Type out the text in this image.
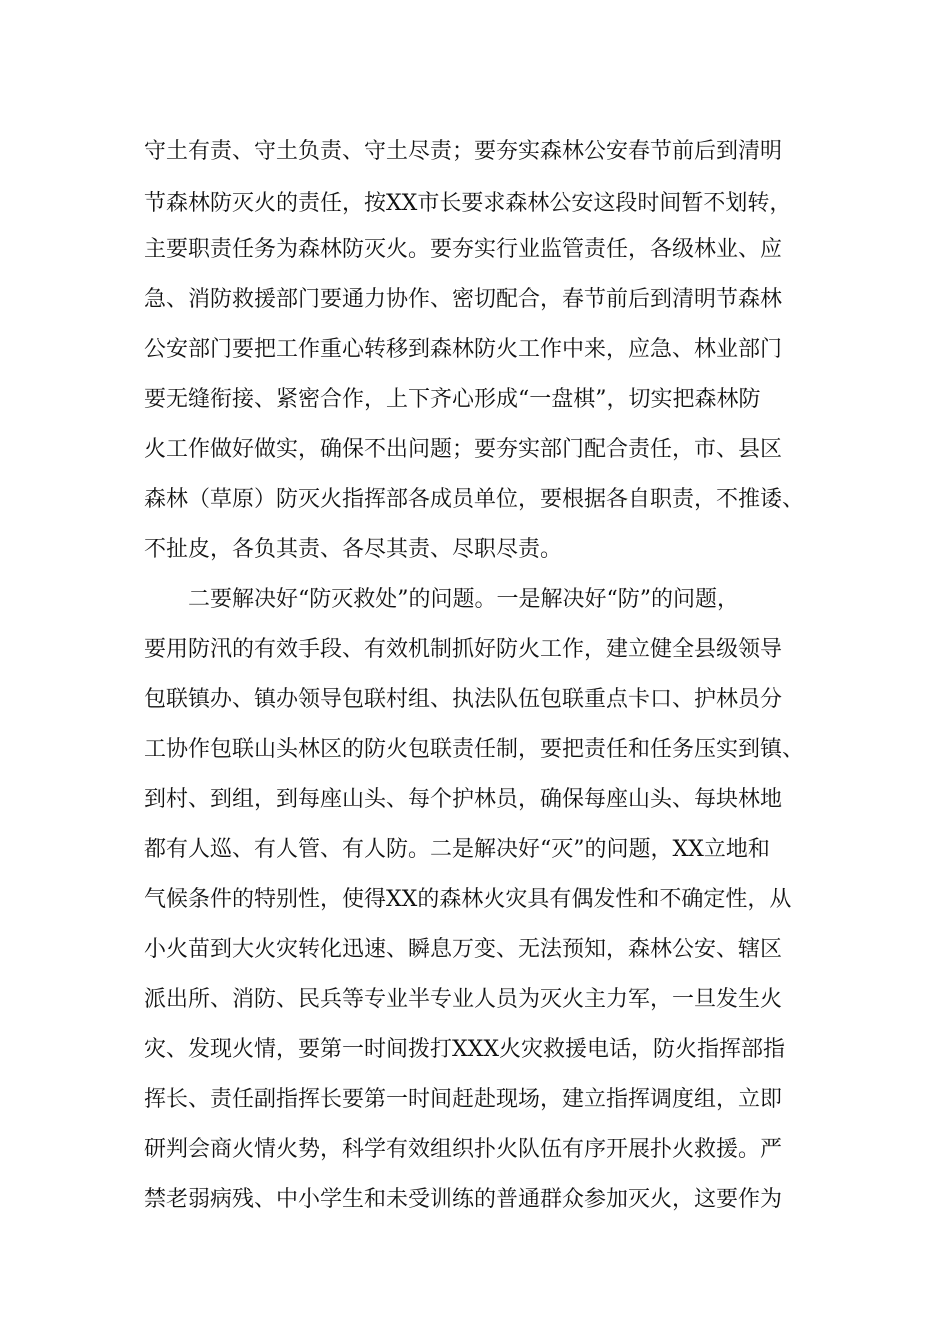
守土有责、守土负责、守土尽责；要夯实森林公安春节前后到清明
节森林防灭火的责任，按XX市长要求森林公安这段时间暂不划转，
主要职责任务为森林防灭火。要夯实行业监管责任，各级林业、应
急、消防救援部门要通力协作、密切配合，春节前后到清明节森林
公安部门要把工作重心转移到森林防火工作中来，应急、林业部门
要无缝衔接、紧密合作，上下齐心形成“一盘棋”，切实把森林防
火工作做好做实，确保不出问题；要夯实部门配合责任，市、县区
森林（草原）防灭火指挥部各成员单位，要根据各自职责，不推诿、
不扯皮，各负其责、各尽其责、尽职尽责。
二要解决好“防灭救处”的问题。一是解决好“防”的问题，
要用防汛的有效手段、有效机制抓好防火工作，建立健全县级领导
包联镇办、镇办领导包联村组、执法队伍包联重点卡口、护林员分
工协作包联山头林区的防火包联责任制，要把责任和任务压实到镇、
到村、到组，到每座山头、每个护林员，确保每座山头、每块林地
都有人巡、有人管、有人防。二是解决好“灭”的问题，XX立地和
气候条件的特别性，使得XX的森林火灾具有偶发性和不确定性，从
小火苗到大火灾转化迅速、瞬息万变、无法预知，森林公安、辖区
派出所、消防、民兵等专业半专业人员为灭火主力军，一旦发生火
灾、发现火情，要第一时间拨打XXX火灾救援电话，防火指挥部指
挥长、责任副指挥长要第一时间赶赴现场，建立指挥调度组，立即
研判会商火情火势，科学有效组织扑火队伍有序开展扑火救援。严
禁老弱病残、中小学生和未受训练的普通群众参加灭火，这要作为
